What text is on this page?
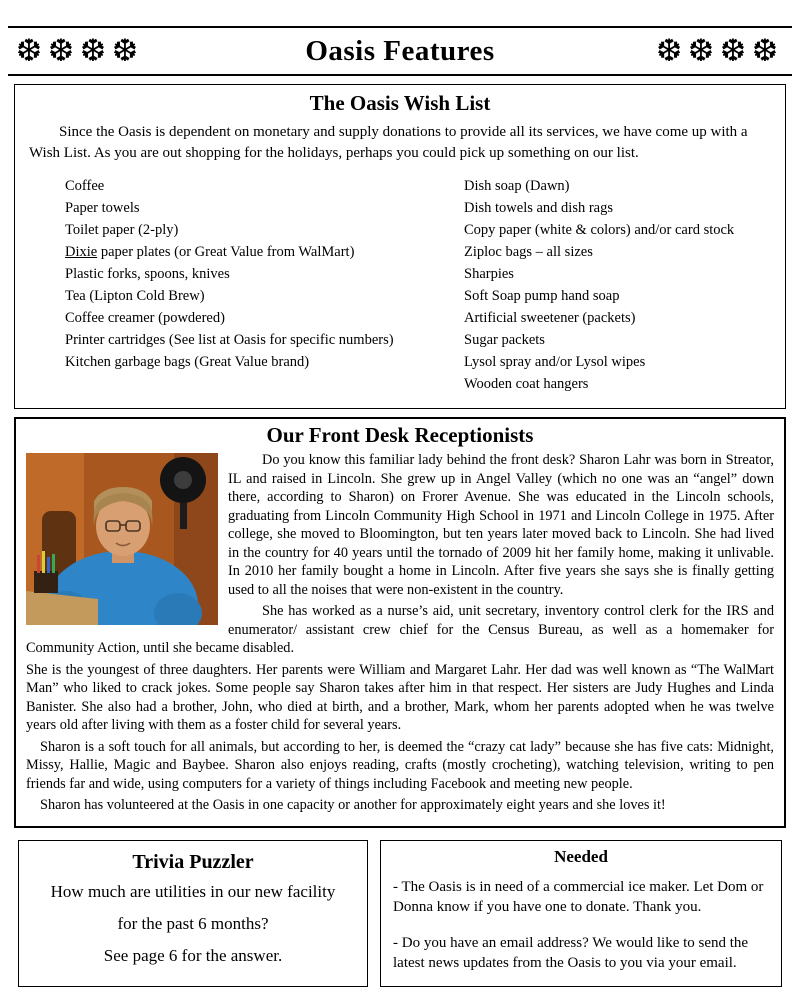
❆❆❆❆	Oasis Features	❆❆❆❆
The Oasis Wish List

Since the Oasis is dependent on monetary and supply donations to provide all its services, we have come up with a Wish List. As you are out shopping for the holidays, perhaps you could pick up something on our list.

Coffee
Paper towels
Toilet paper (2-ply)
Dixie paper plates (or Great Value from WalMart)
Plastic forks, spoons, knives
Tea (Lipton Cold Brew)
Coffee creamer (powdered)
Printer cartridges (See list at Oasis for specific numbers)
Kitchen garbage bags (Great Value brand)
Dish soap (Dawn)
Dish towels and dish rags
Copy paper (white & colors) and/or card stock
Ziploc bags – all sizes
Sharpies
Soft Soap pump hand soap
Artificial sweetener (packets)
Sugar packets
Lysol spray and/or Lysol wipes
Wooden coat hangers
Our Front Desk Receptionists

Do you know this familiar lady behind the front desk? Sharon Lahr was born in Streator, IL and raised in Lincoln. She grew up in Angel Valley (which no one was an “angel” down there, according to Sharon) on Frorer Avenue. She was educated in the Lincoln schools, graduating from Lincoln Community High School in 1971 and Lincoln College in 1975. After college, she moved to Bloomington, but ten years later moved back to Lincoln. She had lived in the country for 40 years until the tornado of 2009 hit her family home, making it unlivable. In 2010 her family bought a home in Lincoln. After five years she says she is finally getting used to all the noises that were non-existent in the country.

She has worked as a nurse’s aid, unit secretary, inventory control clerk for the IRS and enumerator/ assistant crew chief for the Census Bureau, as well as a homemaker for Community Action, until she became disabled.

She is the youngest of three daughters. Her parents were William and Margaret Lahr. Her dad was well known as “The WalMart Man” who liked to crack jokes. Some people say Sharon takes after him in that respect. Her sisters are Judy Hughes and Linda Banister. She also had a brother, John, who died at birth, and a brother, Mark, whom her parents adopted when he was twelve years old after living with them as a foster child for several years.

Sharon is a soft touch for all animals, but according to her, is deemed the “crazy cat lady” because she has five cats: Midnight, Missy, Hallie, Magic and Baybee. Sharon also enjoys reading, crafts (mostly crocheting), watching television, writing to pen friends far and wide, using computers for a variety of things including Facebook and meeting new people.

Sharon has volunteered at the Oasis in one capacity or another for approximately eight years and she loves it!

Trivia Puzzler
How much are utilities in our new facility
for the past 6 months?
See page 6 for the answer.
Needed

- The Oasis is in need of a commercial ice maker. Let Dom or Donna know if you have one to donate. Thank you.

- Do you have an email address? We would like to send the latest news updates from the Oasis to you via your email.
